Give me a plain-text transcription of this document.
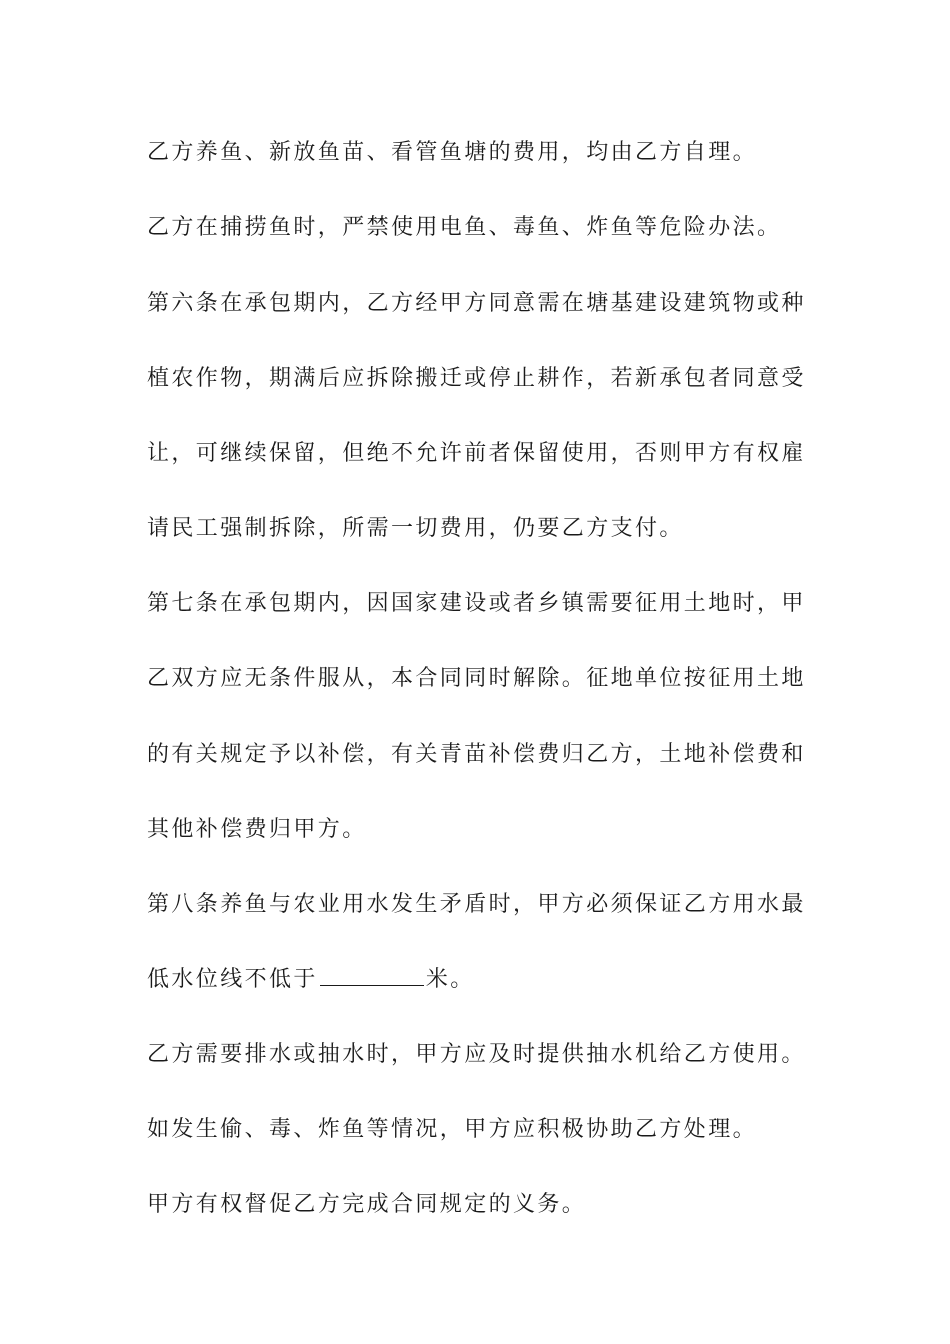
乙方养鱼、新放鱼苗、看管鱼塘的费用，均由乙方自理。
乙方在捕捞鱼时，严禁使用电鱼、毒鱼、炸鱼等危险办法。
第六条在承包期内，乙方经甲方同意需在塘基建设建筑物或种
植农作物，期满后应拆除搬迁或停止耕作，若新承包者同意受
让，可继续保留，但绝不允许前者保留使用，否则甲方有权雇
请民工强制拆除，所需一切费用，仍要乙方支付。
第七条在承包期内，因国家建设或者乡镇需要征用土地时，甲
乙双方应无条件服从，本合同同时解除。征地单位按征用土地
的有关规定予以补偿，有关青苗补偿费归乙方，土地补偿费和
其他补偿费归甲方。
第八条养鱼与农业用水发生矛盾时，甲方必须保证乙方用水最
低水位线不低于	米。
乙方需要排水或抽水时，甲方应及时提供抽水机给乙方使用。
如发生偷、毒、炸鱼等情况，甲方应积极协助乙方处理。
甲方有权督促乙方完成合同规定的义务。
